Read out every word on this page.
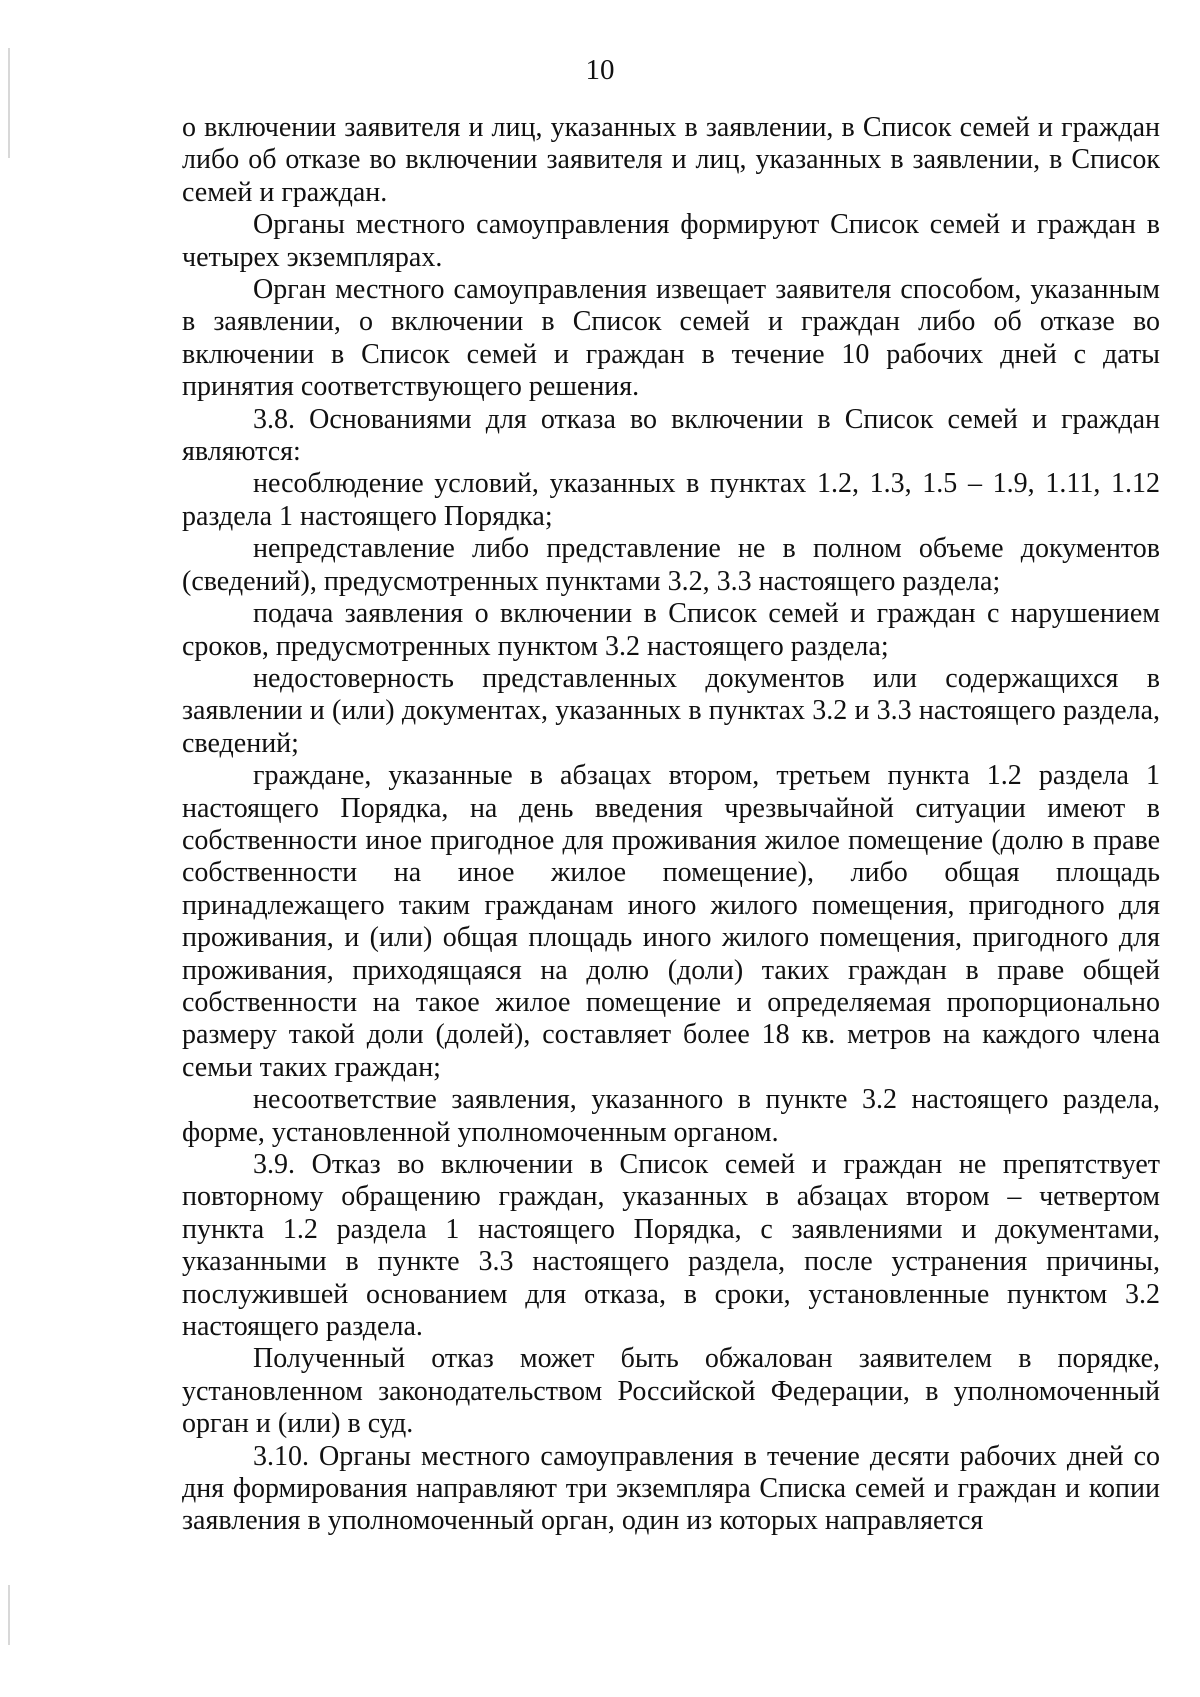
10

о включении заявителя и лиц, указанных в заявлении, в Список семей и граждан либо об отказе во включении заявителя и лиц, указанных в заявлении, в Список семей и граждан.

Органы местного самоуправления формируют Список семей и граждан в четырех экземплярах.

Орган местного самоуправления извещает заявителя способом, указанным в заявлении, о включении в Список семей и граждан либо об отказе во включении в Список семей и граждан в течение 10 рабочих дней с даты принятия соответствующего решения.

3.8. Основаниями для отказа во включении в Список семей и граждан являются:

несоблюдение условий, указанных в пунктах 1.2, 1.3, 1.5 – 1.9, 1.11, 1.12 раздела 1 настоящего Порядка;

непредставление либо представление не в полном объеме документов (сведений), предусмотренных пунктами 3.2, 3.3 настоящего раздела;

подача заявления о включении в Список семей и граждан с нарушением сроков, предусмотренных пунктом 3.2 настоящего раздела;

недостоверность представленных документов или содержащихся в заявлении и (или) документах, указанных в пунктах 3.2 и 3.3 настоящего раздела, сведений;

граждане, указанные в абзацах втором, третьем пункта 1.2 раздела 1 настоящего Порядка, на день введения чрезвычайной ситуации имеют в собственности иное пригодное для проживания жилое помещение (долю в праве собственности на иное жилое помещение), либо общая площадь принадлежащего таким гражданам иного жилого помещения, пригодного для проживания, и (или) общая площадь иного жилого помещения, пригодного для проживания, приходящаяся на долю (доли) таких граждан в праве общей собственности на такое жилое помещение и определяемая пропорционально размеру такой доли (долей), составляет более 18 кв. метров на каждого члена семьи таких граждан;

несоответствие заявления, указанного в пункте 3.2 настоящего раздела, форме, установленной уполномоченным органом.

3.9. Отказ во включении в Список семей и граждан не препятствует повторному обращению граждан, указанных в абзацах втором – четвертом пункта 1.2 раздела 1 настоящего Порядка, с заявлениями и документами, указанными в пункте 3.3 настоящего раздела, после устранения причины, послужившей основанием для отказа, в сроки, установленные пунктом 3.2 настоящего раздела.

Полученный отказ может быть обжалован заявителем в порядке, установленном законодательством Российской Федерации, в уполномоченный орган и (или) в суд.

3.10. Органы местного самоуправления в течение десяти рабочих дней со дня формирования направляют три экземпляра Списка семей и граждан и копии заявления в уполномоченный орган, один из которых направляется
